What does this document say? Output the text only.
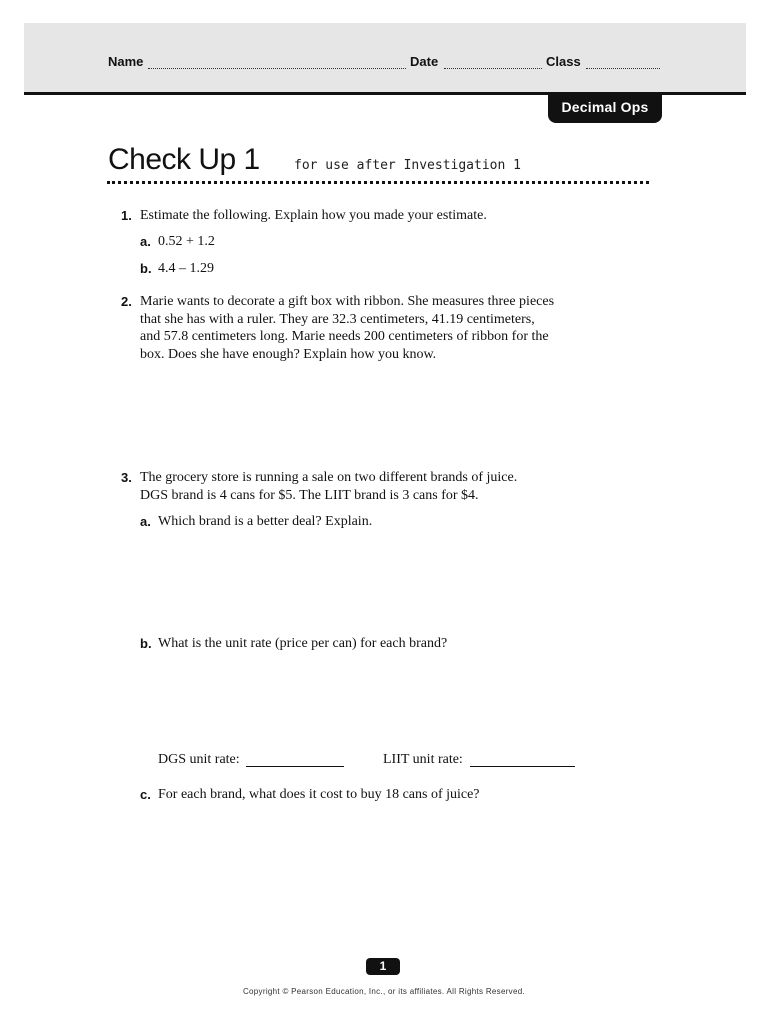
Name	Date	Class
Decimal Ops
Check Up 1	for use after Investigation 1
1. Estimate the following. Explain how you made your estimate.
a. 0.52 + 1.2
b. 4.4 – 1.29
2. Marie wants to decorate a gift box with ribbon. She measures three pieces
that she has with a ruler. They are 32.3 centimeters, 41.19 centimeters,
and 57.8 centimeters long. Marie needs 200 centimeters of ribbon for the
box. Does she have enough? Explain how you know.
3. The grocery store is running a sale on two different brands of juice.
DGS brand is 4 cans for $5. The LIIT brand is 3 cans for $4.
a. Which brand is a better deal? Explain.
b. What is the unit rate (price per can) for each brand?
DGS unit rate:	LIIT unit rate:
c. For each brand, what does it cost to buy 18 cans of juice?
1
Copyright © Pearson Education, Inc., or its affiliates. All Rights Reserved.
